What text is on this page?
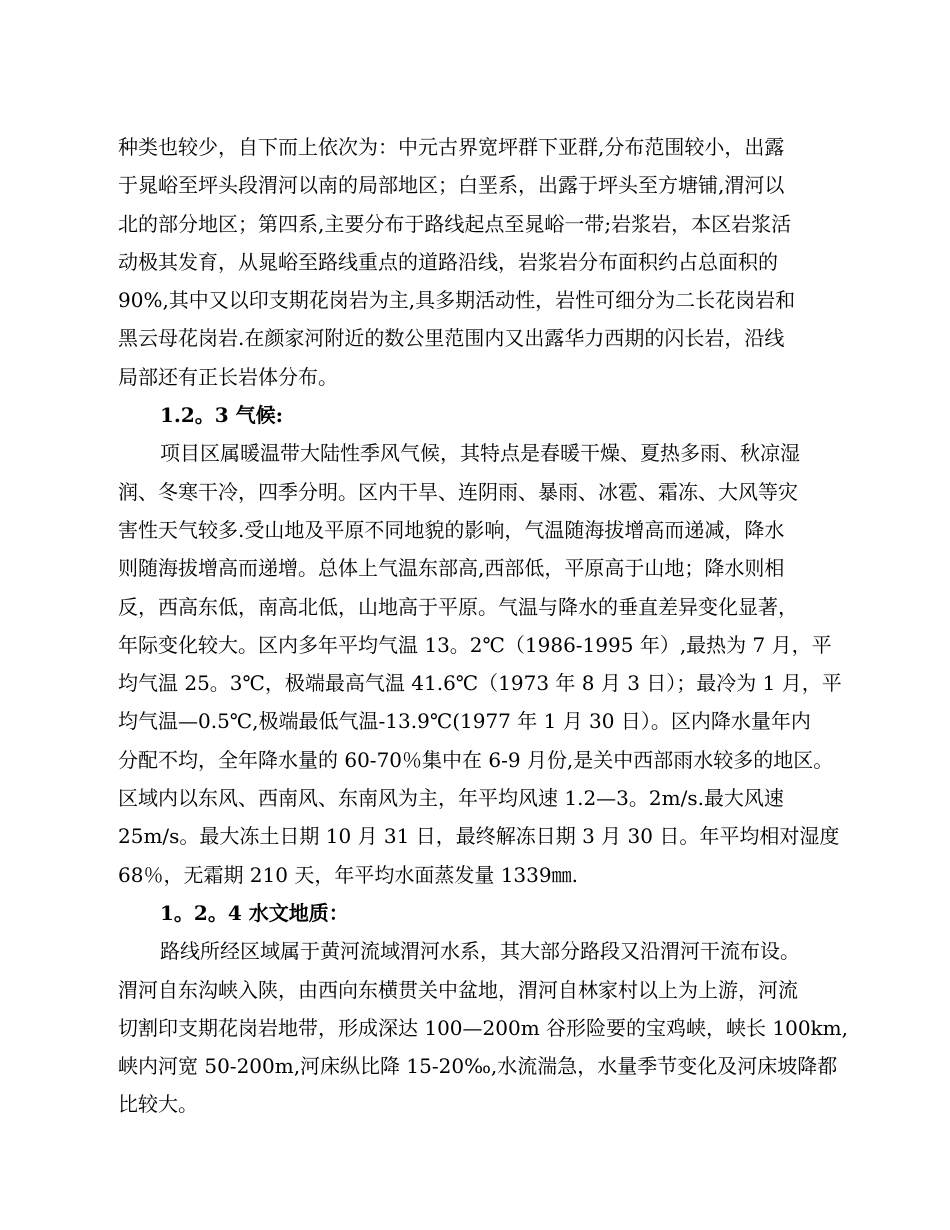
种类也较少，自下而上依次为：中元古界宽坪群下亚群,分布范围较小，出露
于晁峪至坪头段渭河以南的局部地区；白垩系，出露于坪头至方塘铺,渭河以
北的部分地区；第四系,主要分布于路线起点至晁峪一带;岩浆岩，本区岩浆活
动极其发育，从晁峪至路线重点的道路沿线，岩浆岩分布面积约占总面积的
90%,其中又以印支期花岗岩为主,具多期活动性，岩性可细分为二长花岗岩和
黑云母花岗岩.在颜家河附近的数公里范围内又出露华力西期的闪长岩，沿线
局部还有正长岩体分布。
1.2。3 气候:
项目区属暖温带大陆性季风气候，其特点是春暖干燥、夏热多雨、秋凉湿
润、冬寒干冷，四季分明。区内干旱、连阴雨、暴雨、冰雹、霜冻、大风等灾
害性天气较多.受山地及平原不同地貌的影响，气温随海拔增高而递减，降水
则随海拔增高而递增。总体上气温东部高,西部低，平原高于山地；降水则相
反，西高东低，南高北低，山地高于平原。气温与降水的垂直差异变化显著，
年际变化较大。区内多年平均气温 13。2℃（1986-1995 年）,最热为 7 月，平
均气温 25。3℃，极端最高气温 41.6℃（1973 年 8 月 3 日）；最冷为 1 月，平
均气温—0.5℃,极端最低气温-13.9℃(1977 年 1 月 30 日）。区内降水量年内
分配不均，全年降水量的 60-70％集中在 6-9 月份,是关中西部雨水较多的地区。
区域内以东风、西南风、东南风为主，年平均风速 1.2—3。2m/s.最大风速
25m/s。最大冻土日期 10 月 31 日，最终解冻日期 3 月 30 日。年平均相对湿度
68％，无霜期 210 天，年平均水面蒸发量 1339㎜.
1。2。4 水文地质：
路线所经区域属于黄河流域渭河水系，其大部分路段又沿渭河干流布设。
渭河自东沟峡入陕，由西向东横贯关中盆地，渭河自林家村以上为上游，河流
切割印支期花岗岩地带，形成深达 100—200m 谷形险要的宝鸡峡，峡长 100km,
峡内河宽 50-200m,河床纵比降 15-20‰,水流湍急，水量季节变化及河床坡降都
比较大。
